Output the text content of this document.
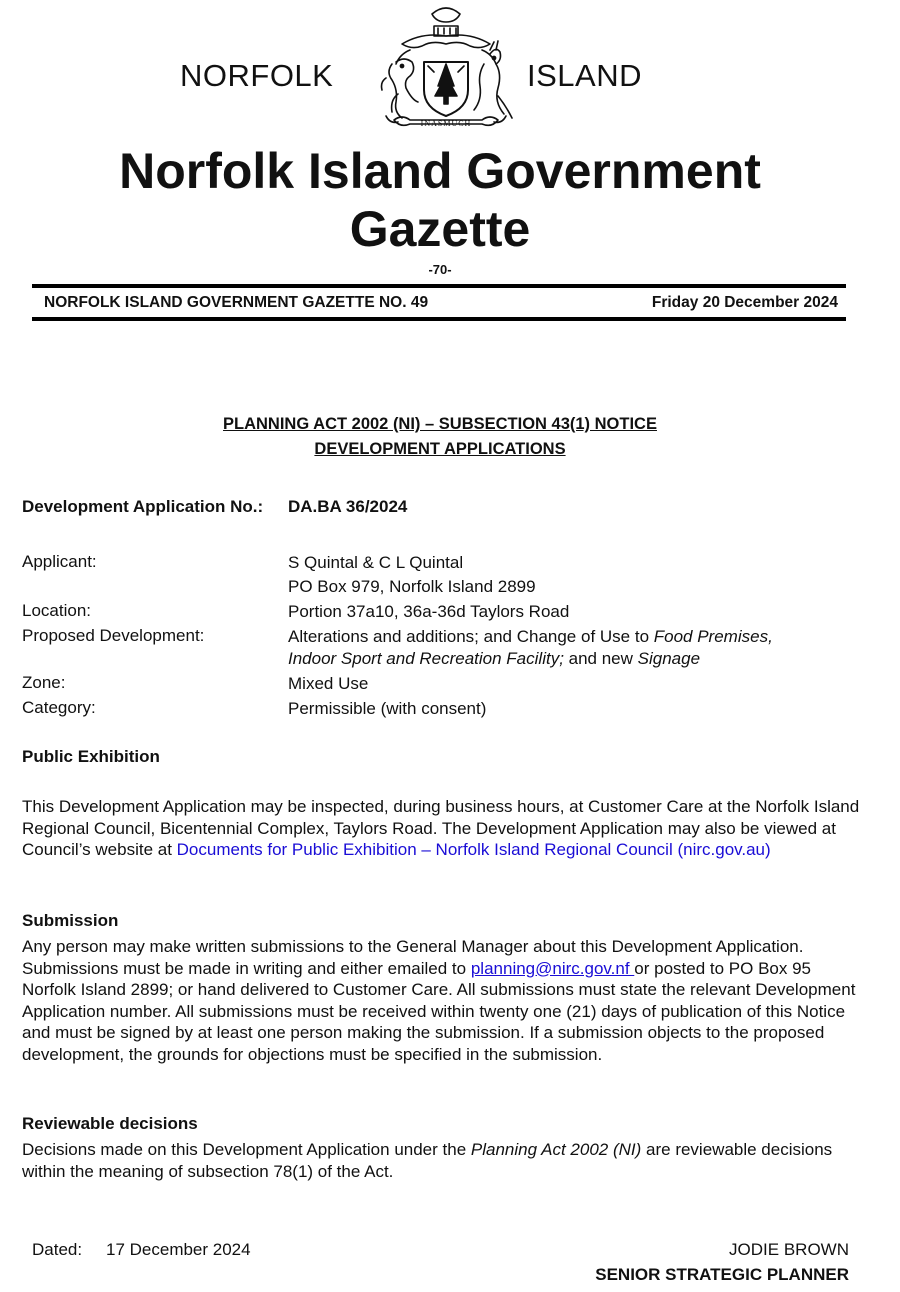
NORFOLK	ISLAND
INASMUCH
Norfolk Island Government
Gazette
-70-
NORFOLK ISLAND GOVERNMENT GAZETTE NO. 49	Friday 20 December 2024
PLANNING ACT 2002 (NI) – SUBSECTION 43(1) NOTICE
DEVELOPMENT APPLICATIONS
Development Application No.: DA.BA 36/2024
Applicant:	S Quintal & C L Quintal
PO Box 979, Norfolk Island 2899
Location:	Portion 37a10, 36a-36d Taylors Road
Proposed Development:	Alterations and additions; and Change of Use to Food Premises,
Indoor Sport and Recreation Facility; and new Signage
Zone:	Mixed Use
Category:	Permissible (with consent)
Public Exhibition
This Development Application may be inspected, during business hours, at Customer Care at the Norfolk Island Regional Council, Bicentennial Complex, Taylors Road. The Development Application may also be viewed at Council’s website at Documents for Public Exhibition – Norfolk Island Regional Council (nirc.gov.au)
Submission
Any person may make written submissions to the General Manager about this Development Application. Submissions must be made in writing and either emailed to planning@nirc.gov.nf or posted to PO Box 95 Norfolk Island 2899; or hand delivered to Customer Care. All submissions must state the relevant Development Application number. All submissions must be received within twenty one (21) days of publication of this Notice and must be signed by at least one person making the submission. If a submission objects to the proposed development, the grounds for objections must be specified in the submission.
Reviewable decisions
Decisions made on this Development Application under the Planning Act 2002 (NI) are reviewable decisions within the meaning of subsection 78(1) of the Act.
Dated: 17 December 2024	JODIE BROWN
SENIOR STRATEGIC PLANNER
